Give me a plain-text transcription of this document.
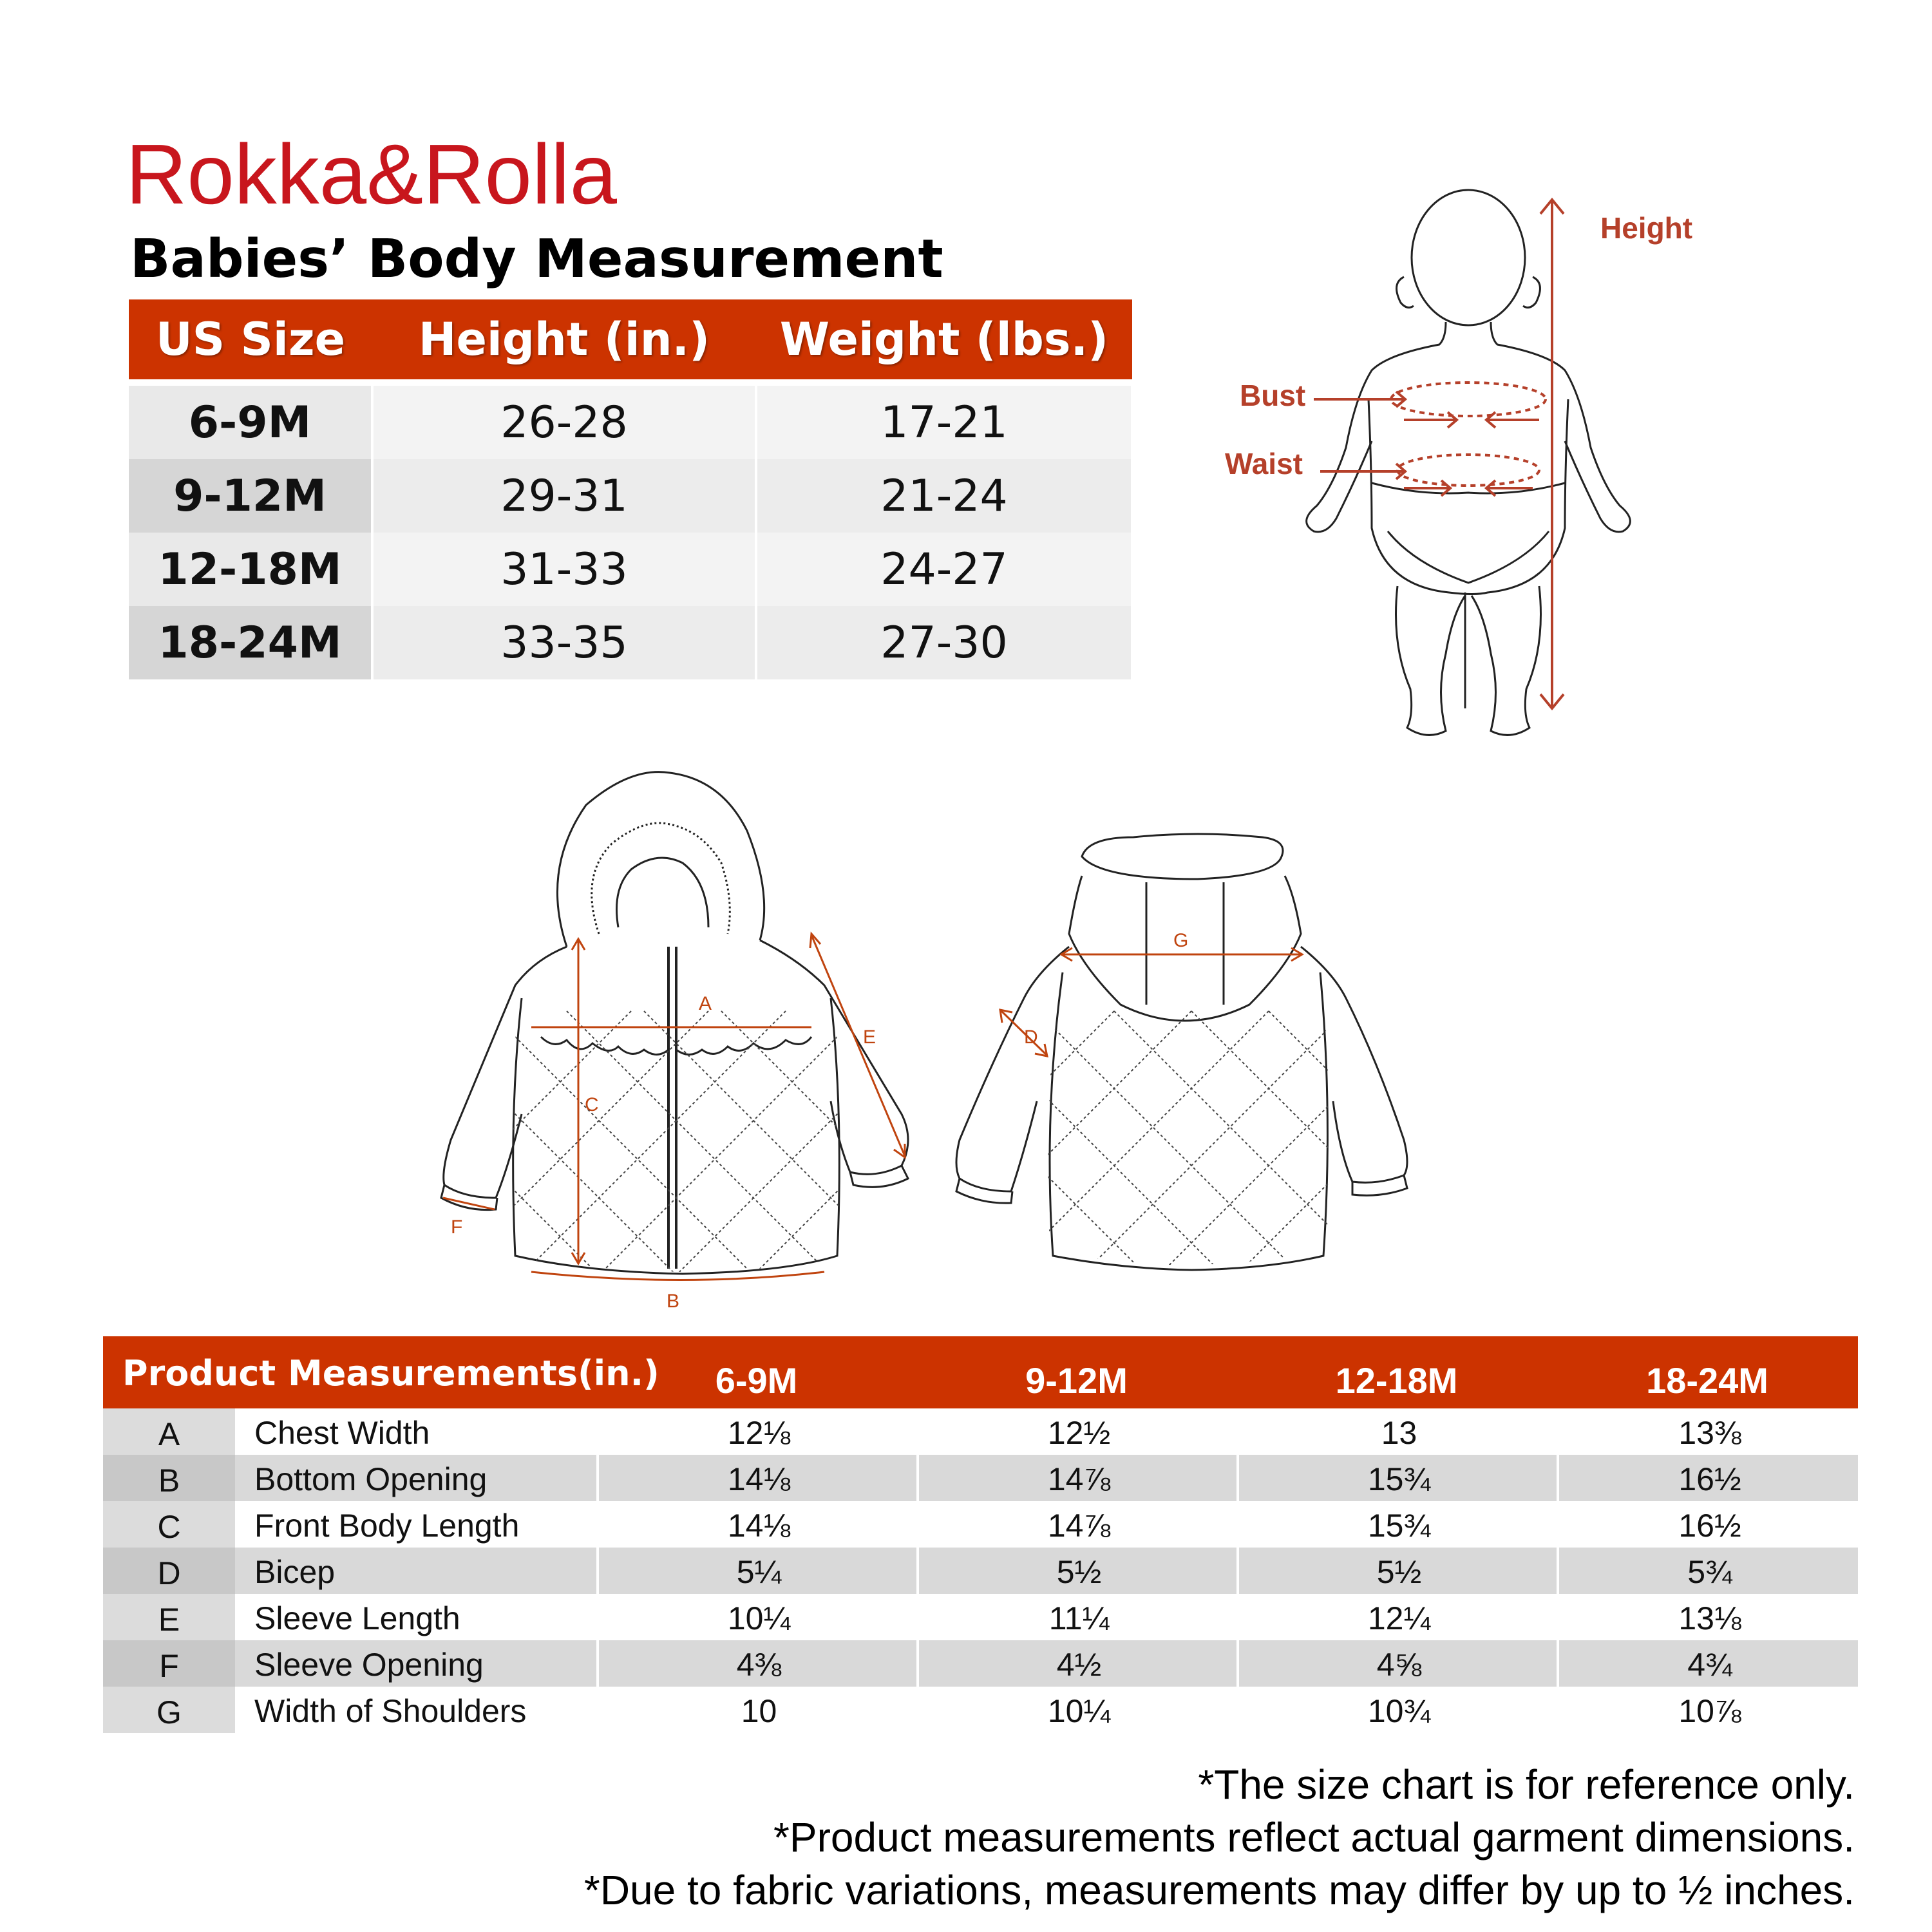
Rokka&Rolla
Babies’ Body Measurement
US Size	Height (in.)	Weight (lbs.)
6-9M	26-28	17-21
9-12M	29-31	21-24
12-18M	31-33	24-27
18-24M	33-35	27-30
Height
Bust
Waist
A
B
C
E
F
G
D
Product Measurements(in.)	6-9M	9-12M	12-18M	18-24M
A	Chest Width	12⅛	12½	13	13⅜
B	Bottom Opening	14⅛	14⅞	15¾	16½
C	Front Body Length	14⅛	14⅞	15¾	16½
D	Bicep	5¼	5½	5½	5¾
E	Sleeve Length	10¼	11¼	12¼	13⅛
F	Sleeve Opening	4⅜	4½	4⅝	4¾
G	Width of Shoulders	10	10¼	10¾	10⅞
*The size chart is for reference only.
*Product measurements reflect actual garment dimensions.
*Due to fabric variations, measurements may differ by up to ½ inches.
